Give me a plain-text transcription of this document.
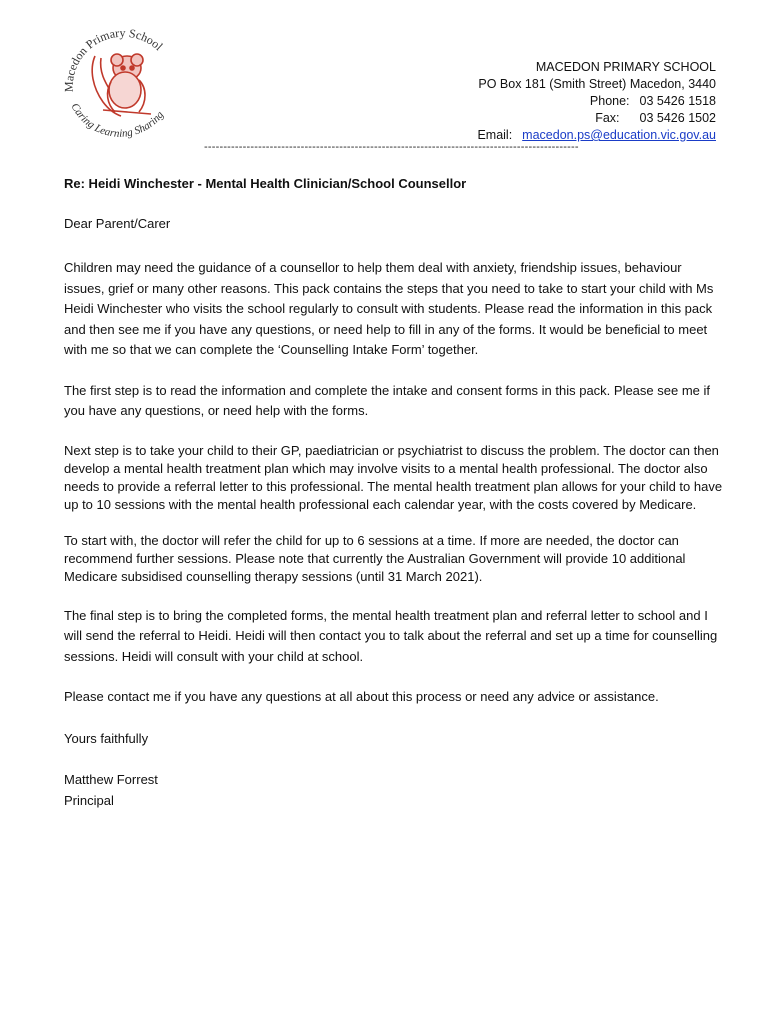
Macedon Primary School
Caring Learning Sharing
MACEDON PRIMARY SCHOOL
PO Box 181 (Smith Street) Macedon, 3440
Phone: 03 5426 1518
Fax: 03 5426 1502
Email: macedon.ps@education.vic.gov.au
-------------------------------------------------------------------------------------------------

Re: Heidi Winchester - Mental Health Clinician/School Counsellor

Dear Parent/Carer

Children may need the guidance of a counsellor to help them deal with anxiety, friendship issues, behaviour issues, grief or many other reasons. This pack contains the steps that you need to take to start your child with Ms Heidi Winchester who visits the school regularly to consult with students. Please read the information in this pack and then see me if you have any questions, or need help to fill in any of the forms. It would be beneficial to meet with me so that we can complete the ‘Counselling Intake Form’ together.

The first step is to read the information and complete the intake and consent forms in this pack. Please see me if you have any questions, or need help with the forms.

Next step is to take your child to their GP, paediatrician or psychiatrist to discuss the problem. The doctor can then develop a mental health treatment plan which may involve visits to a mental health professional. The doctor also needs to provide a referral letter to this professional. The mental health treatment plan allows for your child to have up to 10 sessions with the mental health professional each calendar year, with the costs covered by Medicare.

To start with, the doctor will refer the child for up to 6 sessions at a time. If more are needed, the doctor can recommend further sessions. Please note that currently the Australian Government will provide 10 additional Medicare subsidised counselling therapy sessions (until 31 March 2021).

The final step is to bring the completed forms, the mental health treatment plan and referral letter to school and I will send the referral to Heidi. Heidi will then contact you to talk about the referral and set up a time for counselling sessions. Heidi will consult with your child at school.

Please contact me if you have any questions at all about this process or need any advice or assistance.

Yours faithfully

Matthew Forrest

Principal
